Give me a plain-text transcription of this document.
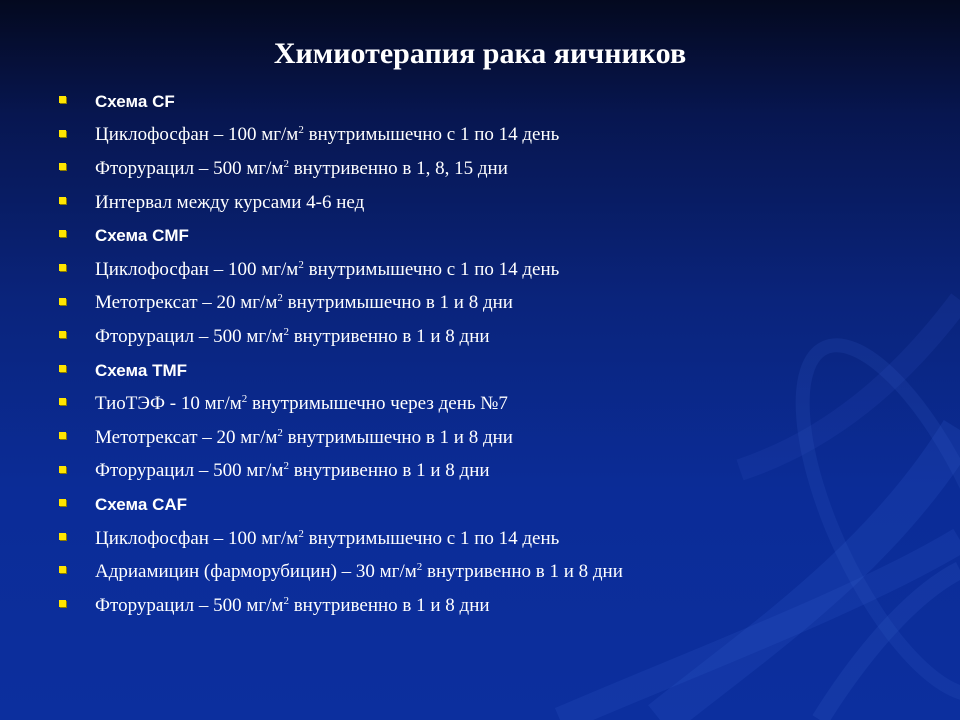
Химиотерапия рака яичников
Схема CF
Циклофосфан – 100 $мг/м^2$ внутримышечно с 1 по 14 день
Фторурацил – 500 $мг/м^2$ внутривенно в 1, 8, 15 дни
Интервал между курсами 4-6 нед
Схема CMF
Циклофосфан – 100 $мг/м^2$ внутримышечно с 1 по 14 день
Метотрексат – 20 $мг/м^2$ внутримышечно в 1 и 8 дни
Фторурацил – 500 $мг/м^2$ внутривенно в 1 и 8 дни
Схема TMF
ТиоТЭФ - 10 $мг/м^2$ внутримышечно через день №7
Метотрексат – 20 $мг/м^2$ внутримышечно в 1 и 8 дни
Фторурацил – 500 $мг/м^2$ внутривенно в 1 и 8 дни
Схема CAF
Циклофосфан – 100 $мг/м^2$ внутримышечно с 1 по 14 день
Адриамицин (фарморубицин) – 30 $мг/м^2$ внутривенно в 1 и 8 дни
Фторурацил – 500 $мг/м^2$ внутривенно в 1 и 8 дни
